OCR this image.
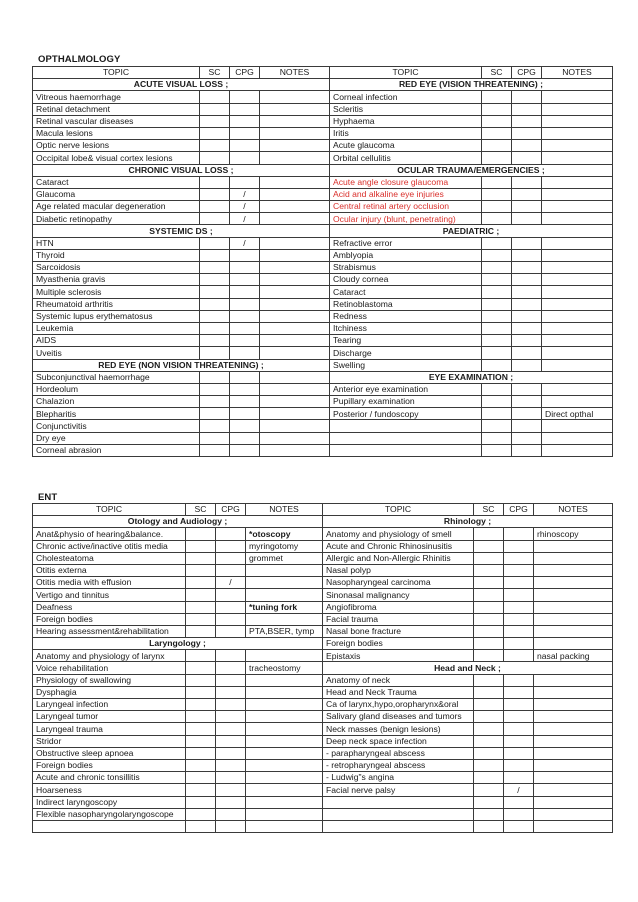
OPTHALMOLOGY
TOPIC	SC	CPG	NOTES	TOPIC	SC	CPG	NOTES
ACUTE VISUAL LOSS ;				RED EYE (VISION THREATENING) ;			
Vitreous haemorrhage				Corneal infection			
Retinal detachment				Scleritis			
Retinal vascular diseases				Hyphaema			
Macula lesions				Iritis			
Optic nerve lesions				Acute glaucoma			
Occipital lobe& visual cortex lesions				Orbital cellulitis			
CHRONIC VISUAL LOSS ;				OCULAR TRAUMA/EMERGENCIES ;			
Cataract				Acute angle closure glaucoma			
Glaucoma		/		Acid and alkaline eye injuries			
Age related macular degeneration		/		Central retinal artery occlusion			
Diabetic retinopathy		/		Ocular injury (blunt, penetrating)			
SYSTEMIC DS ;				PAEDIATRIC ;			
HTN		/		Refractive error			
Thyroid				Amblyopia			
Sarcoidosis				Strabismus			
Myasthenia gravis				Cloudy cornea			
Multiple sclerosis				Cataract			
Rheumatoid arthritis				Retinoblastoma			
Systemic lupus erythematosus				Redness			
Leukemia				Itchiness			
AIDS				Tearing			
Uveitis				Discharge			
RED EYE (NON VISION THREATENING) ;				Swelling			
Subconjunctival haemorrhage				EYE EXAMINATION ;			
Hordeolum				Anterior eye examination			
Chalazion				Pupillary examination			
Blepharitis				Posterior / fundoscopy			Direct opthal
Conjunctivitis							
Dry eye							
Corneal abrasion							
ENT
TOPIC	SC	CPG	NOTES	TOPIC	SC	CPG	NOTES
Otology and Audiology ;				Rhinology ;			
Anat&physio of hearing&balance.			*otoscopy	Anatomy and physiology of smell			rhinoscopy
Chronic active/inactive otitis media			myringotomy	Acute and Chronic Rhinosinusitis			
Cholesteatoma			grommet	Allergic and Non-Allergic Rhinitis			
Otitis externa				Nasal polyp			
Otitis media with effusion		/		Nasopharyngeal carcinoma			
Vertigo and tinnitus				Sinonasal malignancy			
Deafness			*tuning fork	Angiofibroma			
Foreign bodies				Facial trauma			
Hearing assessment&rehabilitation			PTA,BSER, tymp	Nasal bone fracture			
Laryngology ;				Foreign bodies			
Anatomy and physiology of larynx				Epistaxis			nasal packing
Voice rehabilitation			tracheostomy	Head and Neck ;			
Physiology of swallowing				Anatomy of neck			
Dysphagia				Head and Neck Trauma			
Laryngeal infection				Ca of larynx,hypo,oropharynx&oral			
Laryngeal tumor				Salivary gland diseases and tumors			
Laryngeal trauma				Neck masses (benign lesions)			
Stridor				Deep neck space infection			
Obstructive sleep apnoea				- parapharyngeal abscess			
Foreign bodies				- retropharyngeal abscess			
Acute and chronic tonsillitis				- Ludwig"s angina			
Hoarseness				Facial nerve palsy		/	
Indirect laryngoscopy							
Flexible nasopharyngolaryngoscope							
